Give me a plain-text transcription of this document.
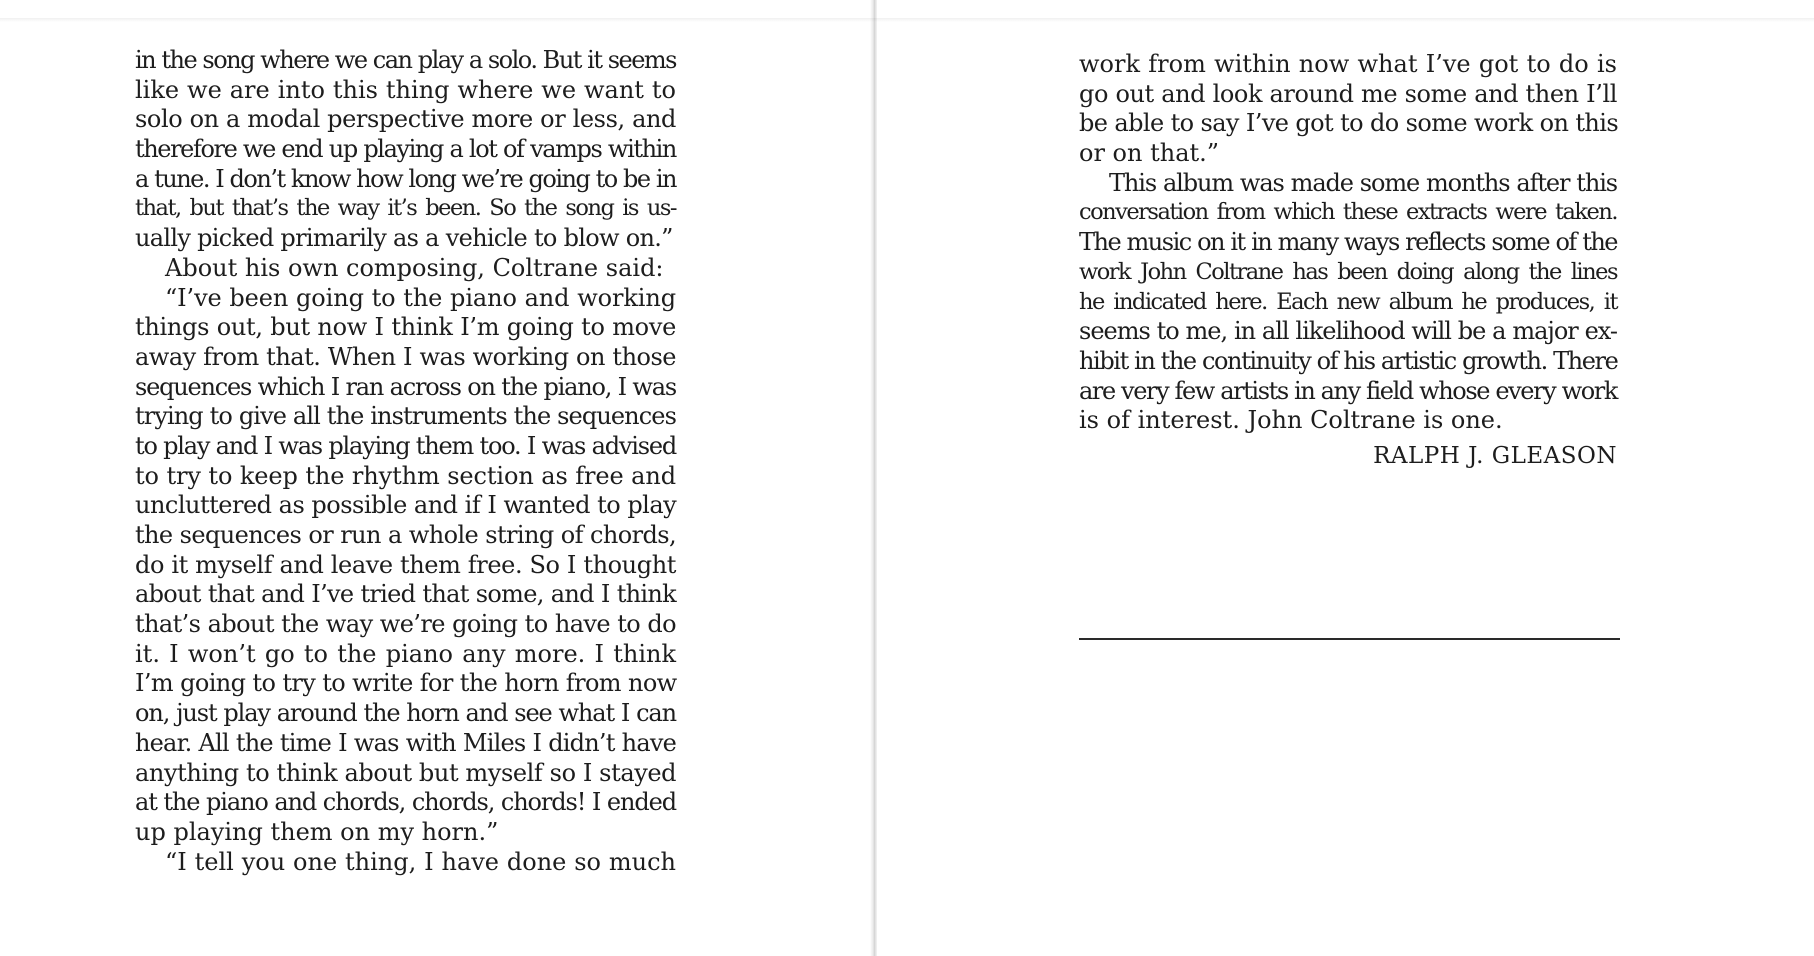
in the song where we can play a solo. But it seems
like we are into this thing where we want to
solo on a modal perspective more or less, and
therefore we end up playing a lot of vamps within
a tune. I don’t know how long we’re going to be in
that, but that’s the way it’s been. So the song is us-
ually picked primarily as a vehicle to blow on.”
About his own composing, Coltrane said:
“I’ve been going to the piano and working
things out, but now I think I’m going to move
away from that. When I was working on those
sequences which I ran across on the piano, I was
trying to give all the instruments the sequences
to play and I was playing them too. I was advised
to try to keep the rhythm section as free and
uncluttered as possible and if I wanted to play
the sequences or run a whole string of chords,
do it myself and leave them free. So I thought
about that and I’ve tried that some, and I think
that’s about the way we’re going to have to do
it. I won’t go to the piano any more. I think
I’m going to try to write for the horn from now
on, just play around the horn and see what I can
hear. All the time I was with Miles I didn’t have
anything to think about but myself so I stayed
at the piano and chords, chords, chords! I ended
up playing them on my horn.”
“I tell you one thing, I have done so much
work from within now what I’ve got to do is
go out and look around me some and then I’ll
be able to say I’ve got to do some work on this
or on that.”
This album was made some months after this
conversation from which these extracts were taken.
The music on it in many ways reflects some of the
work John Coltrane has been doing along the lines
he indicated here. Each new album he produces, it
seems to me, in all likelihood will be a major ex-
hibit in the continuity of his artistic growth. There
are very few artists in any field whose every work
is of interest. John Coltrane is one.

RALPH J. GLEASON
